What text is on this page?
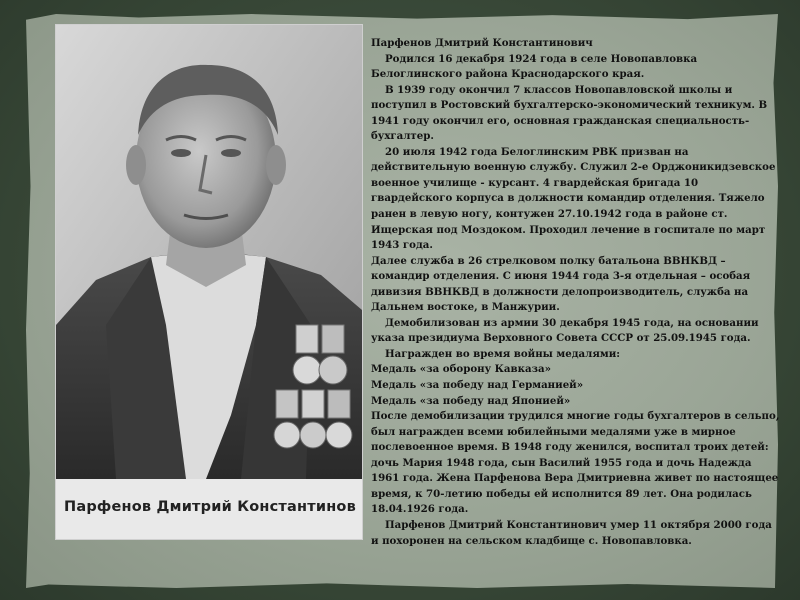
Парфенов Дмитрий Константинов

Парфенов Дмитрий Константинович

Родился 16 декабря 1924 года в селе Новопавловка Белоглинского района Краснодарского края.

В 1939 году окончил 7 классов Новопавловской школы и поступил в Ростовский бухгалтерско-экономический техникум. В 1941 году окончил его, основная гражданская специальность- бухгалтер.

20 июля 1942 года Белоглинским РВК призван на действительную военную службу. Служил 2-е Орджоникидзевское военное училище - курсант. 4 гвардейская бригада 10 гвардейского корпуса в должности командир отделения. Тяжело ранен в левую ногу, контужен 27.10.1942 года в районе ст. Ищерская под Моздоком. Проходил лечение в госпитале по март 1943 года.

Далее служба в 26 стрелковом полку батальона ВВНКВД – командир отделения. С июня 1944 года 3-я отдельная – особая дивизия ВВНКВД в должности делопроизводитель, служба на Дальнем востоке, в Манжурии.

Демобилизован из армии 30 декабря 1945 года, на основании указа президиума Верховного Совета СССР от 25.09.1945 года.

Награжден во время войны медалями:

Медаль «за оборону Кавказа»

Медаль «за победу над Германией»

Медаль «за победу над Японией»

После демобилизации трудился многие годы бухгалтеров в сельпо, был награжден всеми юбилейными медалями уже в мирное послевоенное время. В 1948 году женился, воспитал троих детей: дочь Мария 1948 года, сын Василий 1955 года и дочь Надежда 1961 года. Жена Парфенова Вера Дмитриевна живет по настоящее время, к 70-летию победы ей исполнится 89 лет. Она родилась 18.04.1926 года.

Парфенов Дмитрий Константинович умер 11 октября 2000 года и похоронен на сельском кладбище с. Новопавловка.
